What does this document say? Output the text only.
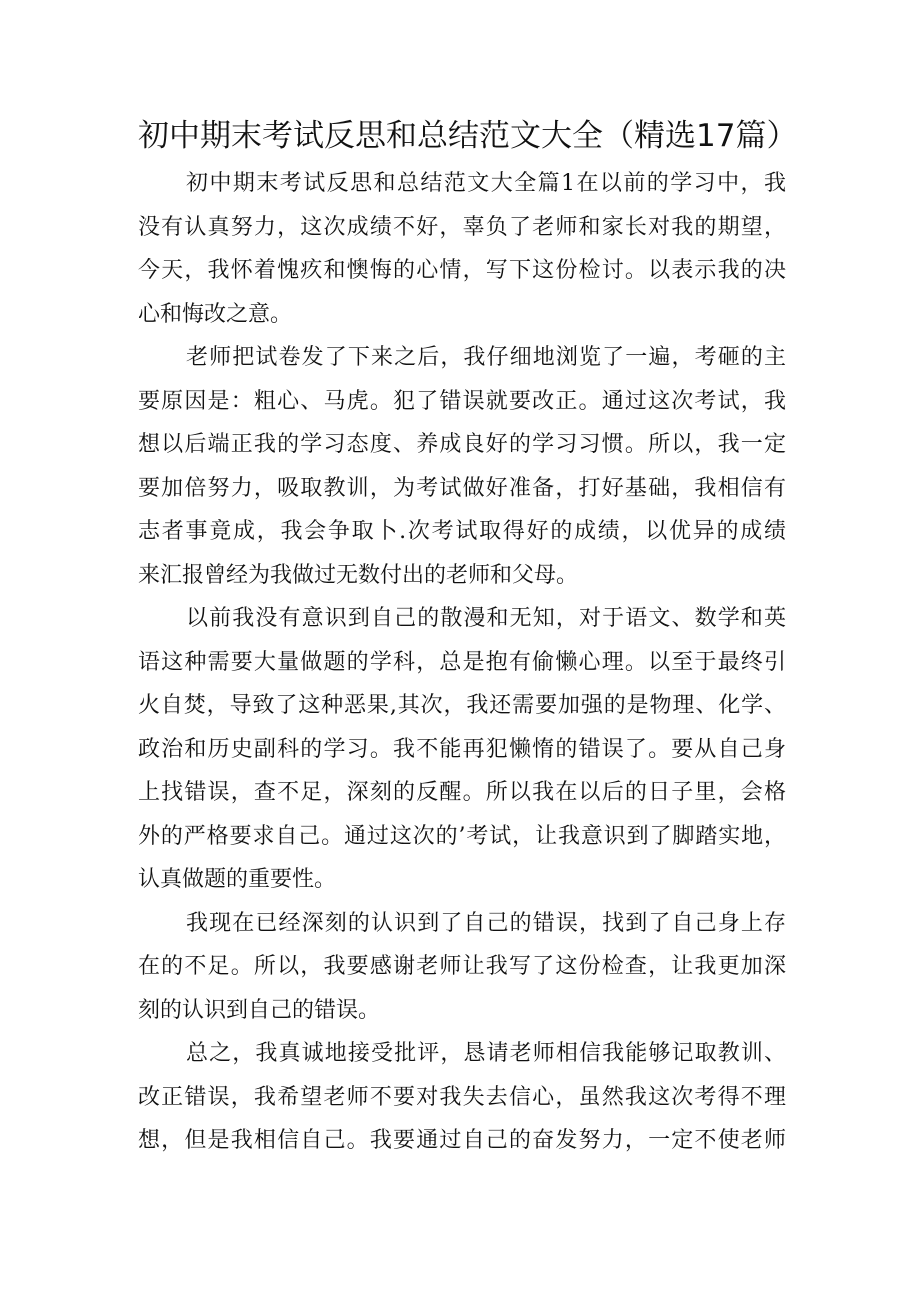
初中期末考试反思和总结范文大全（精选17篇）

初中期末考试反思和总结范文大全篇1在以前的学习中，我
没有认真努力，这次成绩不好，辜负了老师和家长对我的期望，
今天，我怀着愧疚和懊悔的心情，写下这份检讨。以表示我的决
心和悔改之意。

老师把试卷发了下来之后，我仔细地浏览了一遍，考砸的主
要原因是：粗心、马虎。犯了错误就要改正。通过这次考试，我
想以后端正我的学习态度、养成良好的学习习惯。所以，我一定
要加倍努力，吸取教训，为考试做好准备，打好基础，我相信有
志者事竟成，我会争取卜.次考试取得好的成绩，以优异的成绩
来汇报曾经为我做过无数付出的老师和父母。

以前我没有意识到自己的散漫和无知，对于语文、数学和英
语这种需要大量做题的学科，总是抱有偷懒心理。以至于最终引
火自焚，导致了这种恶果,其次，我还需要加强的是物理、化学、
政治和历史副科的学习。我不能再犯懒惰的错误了。要从自己身
上找错误，查不足，深刻的反醒。所以我在以后的日子里，会格
外的严格要求自己。通过这次的’考试，让我意识到了脚踏实地，
认真做题的重要性。

我现在已经深刻的认识到了自己的错误，找到了自己身上存
在的不足。所以，我要感谢老师让我写了这份检查，让我更加深
刻的认识到自己的错误。

总之，我真诚地接受批评，恳请老师相信我能够记取教训、
改正错误，我希望老师不要对我失去信心，虽然我这次考得不理
想，但是我相信自己。我要通过自己的奋发努力，一定不使老师
